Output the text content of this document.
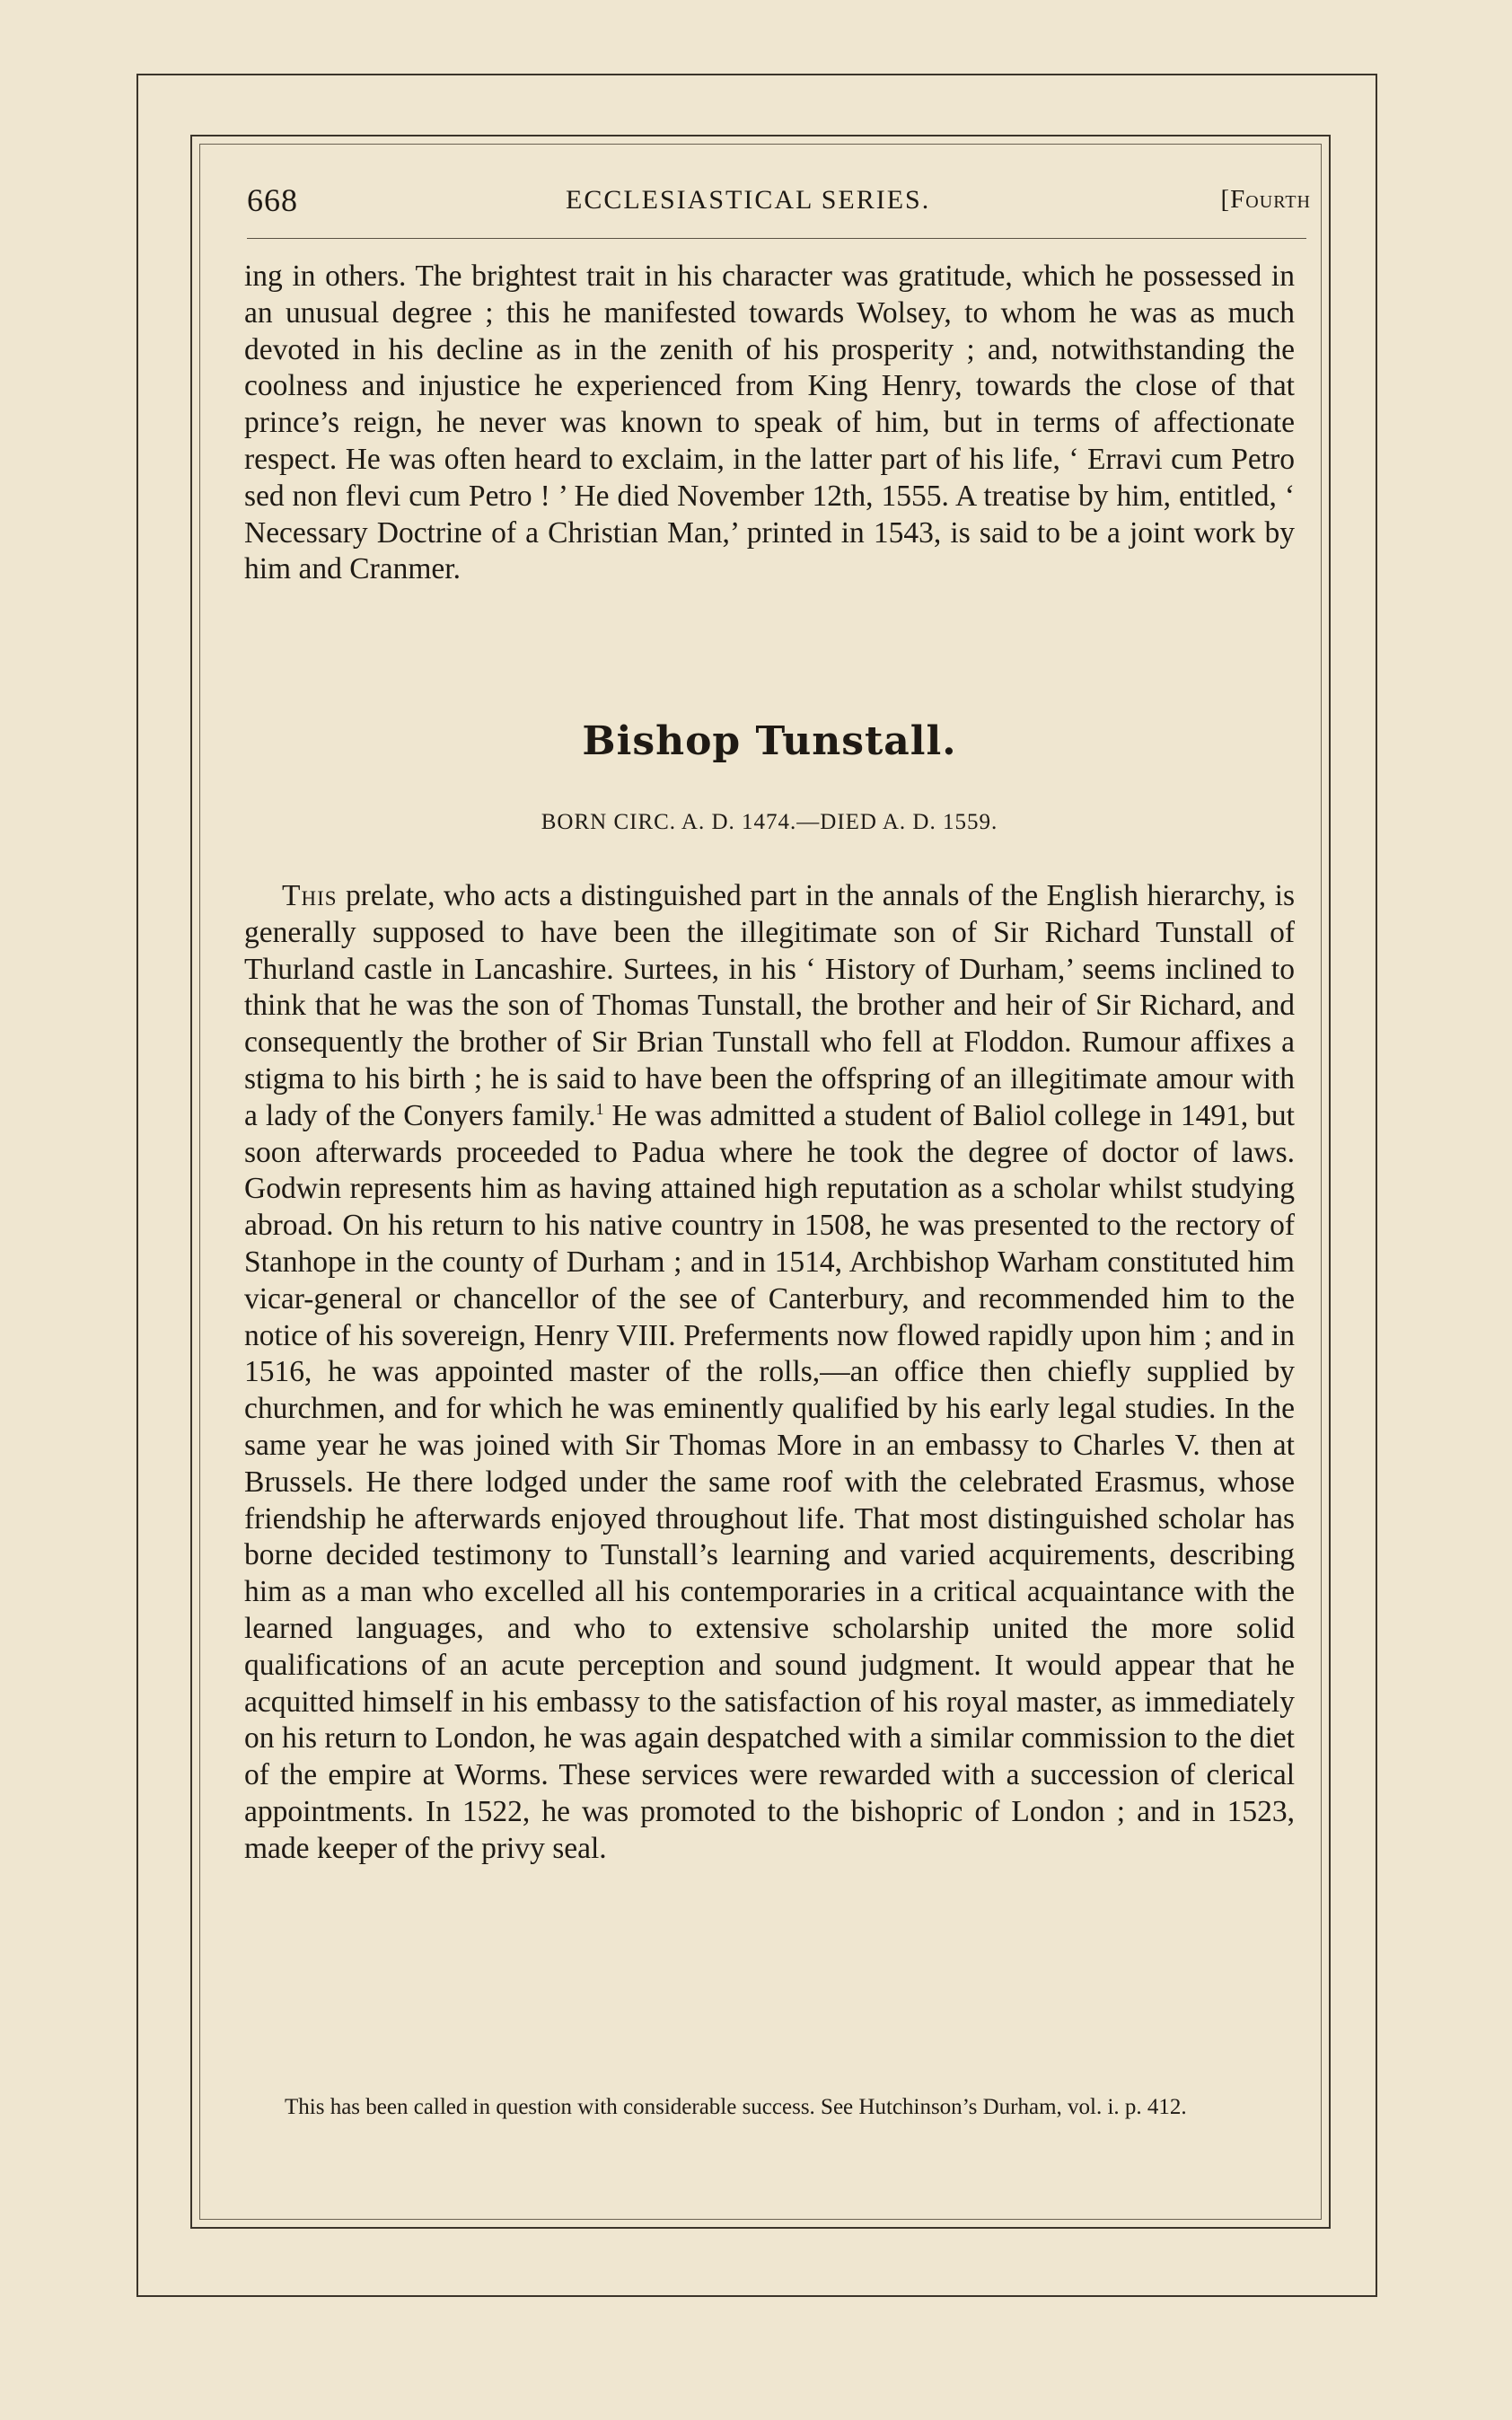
668	ECCLESIASTICAL SERIES.	[Fourth

ing in others. The brightest trait in his character was gratitude, which he possessed in an unusual degree ; this he manifested towards Wolsey, to whom he was as much devoted in his decline as in the zenith of his prosperity ; and, notwithstanding the coolness and injustice he experienced from King Henry, towards the close of that prince’s reign, he never was known to speak of him, but in terms of affectionate respect. He was often heard to exclaim, in the latter part of his life, ‘ Erravi cum Petro sed non flevi cum Petro ! ’ He died November 12th, 1555. A treatise by him, entitled, ‘ Necessary Doctrine of a Christian Man,’ printed in 1543, is said to be a joint work by him and Cranmer.

Bishop Tunstall.
BORN CIRC. A. D. 1474.—DIED A. D. 1559.

This prelate, who acts a distinguished part in the annals of the English hierarchy, is generally supposed to have been the illegitimate son of Sir Richard Tunstall of Thurland castle in Lancashire. Surtees, in his ‘ History of Durham,’ seems inclined to think that he was the son of Thomas Tunstall, the brother and heir of Sir Richard, and consequently the brother of Sir Brian Tunstall who fell at Floddon. Rumour affixes a stigma to his birth ; he is said to have been the offspring of an illegitimate amour with a lady of the Conyers family.$^1$ He was admitted a student of Baliol college in 1491, but soon afterwards proceeded to Padua where he took the degree of doctor of laws. Godwin represents him as having attained high reputation as a scholar whilst studying abroad. On his return to his native country in 1508, he was presented to the rectory of Stanhope in the county of Durham ; and in 1514, Archbishop Warham constituted him vicar-general or chancellor of the see of Canterbury, and recommended him to the notice of his sovereign, Henry VIII. Preferments now flowed rapidly upon him ; and in 1516, he was appointed master of the rolls,—an office then chiefly supplied by churchmen, and for which he was eminently qualified by his early legal studies. In the same year he was joined with Sir Thomas More in an embassy to Charles V. then at Brussels. He there lodged under the same roof with the celebrated Erasmus, whose friendship he afterwards enjoyed throughout life. That most distinguished scholar has borne decided testimony to Tunstall’s learning and varied acquirements, describing him as a man who excelled all his contemporaries in a critical acquaintance with the learned languages, and who to extensive scholarship united the more solid qualifications of an acute perception and sound judgment. It would appear that he acquitted himself in his embassy to the satisfaction of his royal master, as immediately on his return to London, he was again despatched with a similar commission to the diet of the empire at Worms. These services were rewarded with a succession of clerical appointments. In 1522, he was promoted to the bishopric of London ; and in 1523, made keeper of the privy seal.

This has been called in question with considerable success. See Hutchinson’s Durham, vol. i. p. 412.
